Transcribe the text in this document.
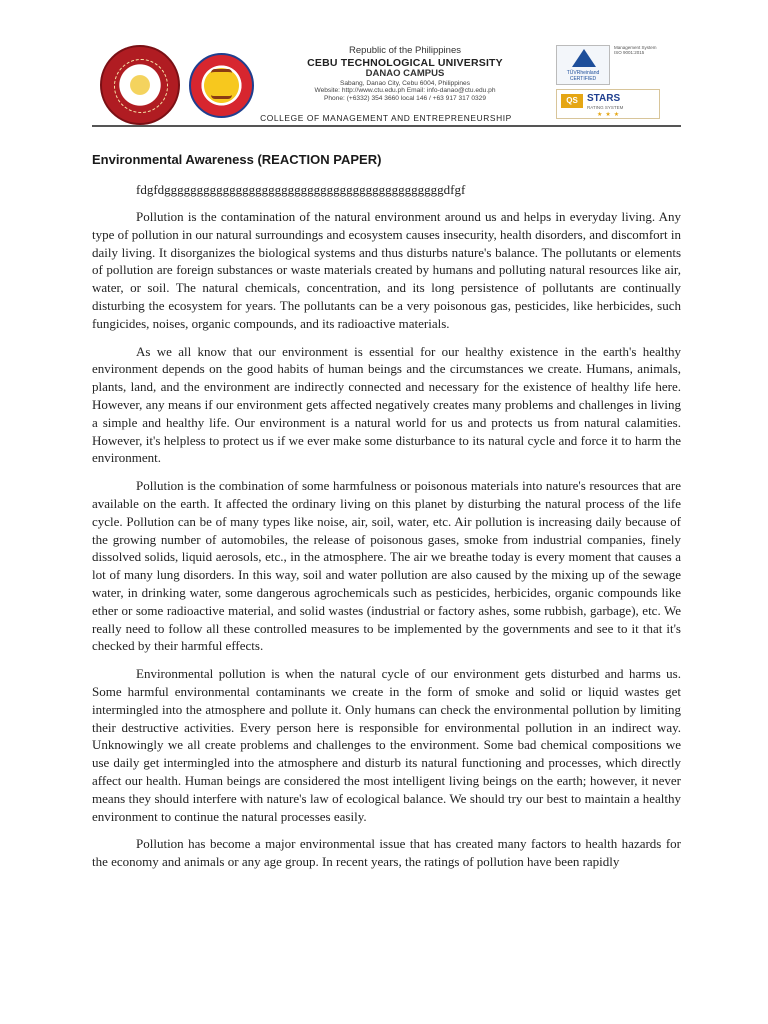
Republic of the Philippines
CEBU TECHNOLOGICAL UNIVERSITY
DANAO CAMPUS
Sabang, Danao City, Cebu 6004, Philippines
Website: http://www.ctu.edu.ph Email: info-danao@ctu.edu.ph
Phone: (+6332) 354 3660 local 146 / +63 917 317 0329
TÜVRheinland CERTIFIED
Management System ISO 9001:2015
QS STARS
RATING SYSTEM
★★★
COLLEGE OF MANAGEMENT AND ENTREPRENEURSHIP
Environmental Awareness (REACTION PAPER)
fdgfdgggggggggggggggggggggggggggggggggggggggggggdfgf

Pollution is the contamination of the natural environment around us and helps in everyday living. Any type of pollution in our natural surroundings and ecosystem causes insecurity, health disorders, and discomfort in daily living. It disorganizes the biological systems and thus disturbs nature's balance. The pollutants or elements of pollution are foreign substances or waste materials created by humans and polluting natural resources like air, water, or soil. The natural chemicals, concentration, and its long persistence of pollutants are continually disturbing the ecosystem for years. The pollutants can be a very poisonous gas, pesticides, like herbicides, such fungicides, noises, organic compounds, and its radioactive materials.

As we all know that our environment is essential for our healthy existence in the earth's healthy environment depends on the good habits of human beings and the circumstances we create. Humans, animals, plants, land, and the environment are indirectly connected and necessary for the existence of healthy life here. However, any means if our environment gets affected negatively creates many problems and challenges in living a simple and healthy life. Our environment is a natural world for us and protects us from natural calamities. However, it's helpless to protect us if we ever make some disturbance to its natural cycle and force it to harm the environment.

Pollution is the combination of some harmfulness or poisonous materials into nature's resources that are available on the earth. It affected the ordinary living on this planet by disturbing the natural process of the life cycle. Pollution can be of many types like noise, air, soil, water, etc. Air pollution is increasing daily because of the growing number of automobiles, the release of poisonous gases, smoke from industrial companies, finely dissolved solids, liquid aerosols, etc., in the atmosphere. The air we breathe today is every moment that causes a lot of many lung disorders. In this way, soil and water pollution are also caused by the mixing up of the sewage water, in drinking water, some dangerous agrochemicals such as pesticides, herbicides, organic compounds like ether or some radioactive material, and solid wastes (industrial or factory ashes, some rubbish, garbage), etc. We really need to follow all these controlled measures to be implemented by the governments and see to it that it's checked by their harmful effects.

Environmental pollution is when the natural cycle of our environment gets disturbed and harms us. Some harmful environmental contaminants we create in the form of smoke and solid or liquid wastes get intermingled into the atmosphere and pollute it. Only humans can check the environmental pollution by limiting their destructive activities. Every person here is responsible for environmental pollution in an indirect way. Unknowingly we all create problems and challenges to the environment. Some bad chemical compositions we use daily get intermingled into the atmosphere and disturb its natural functioning and processes, which directly affect our health. Human beings are considered the most intelligent living beings on the earth; however, it never means they should interfere with nature's law of ecological balance. We should try our best to maintain a healthy environment to continue the natural processes easily.

Pollution has become a major environmental issue that has created many factors to health hazards for the economy and animals or any age group. In recent years, the ratings of pollution have been rapidly
